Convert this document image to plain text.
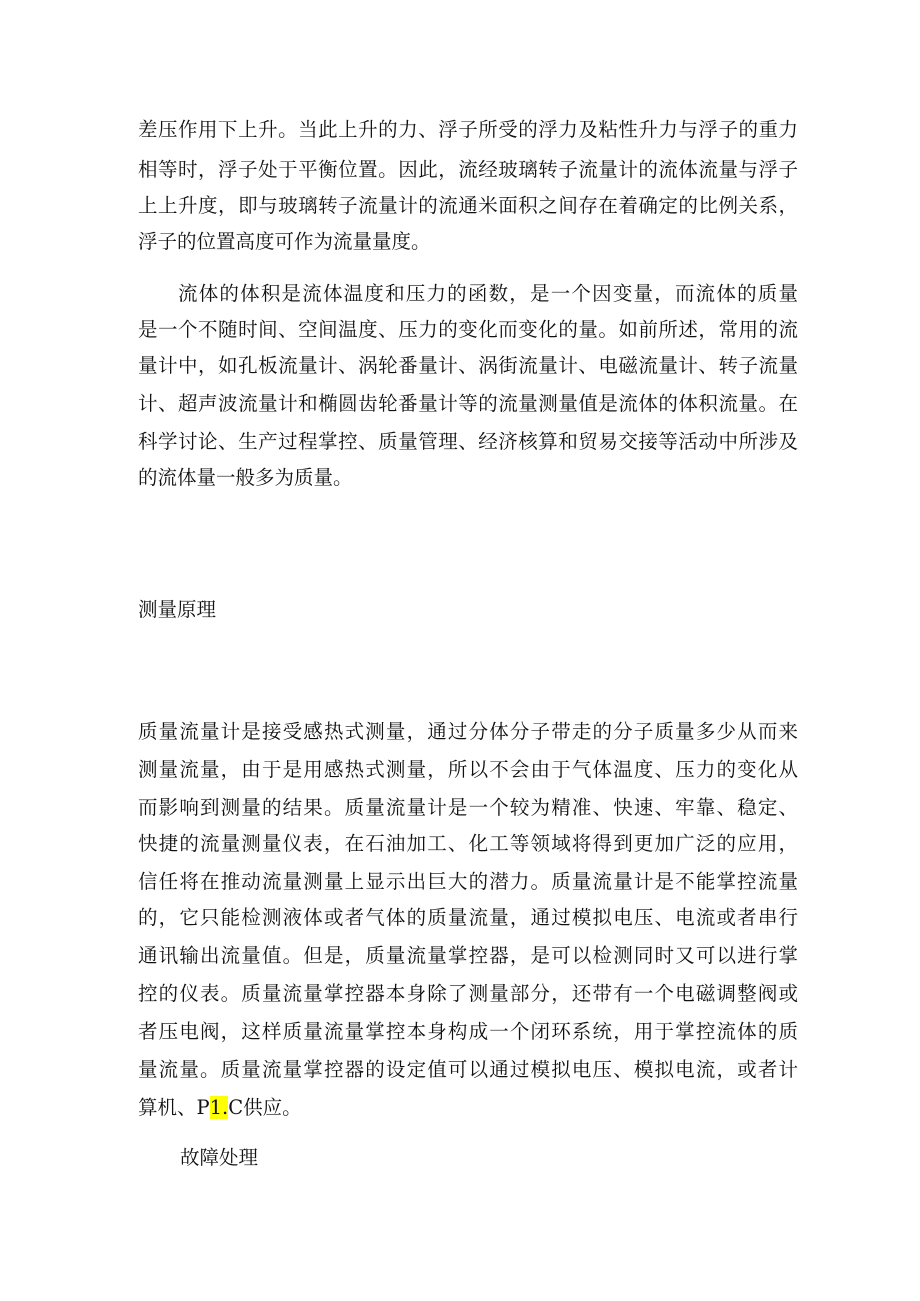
差压作用下上升。当此上升的力、浮子所受的浮力及粘性升力与浮子的重力
相等时，浮子处于平衡位置。因此，流经玻璃转子流量计的流体流量与浮子
上上升度，即与玻璃转子流量计的流通米面积之间存在着确定的比例关系，
浮子的位置高度可作为流量量度。
流体的体积是流体温度和压力的函数，是一个因变量，而流体的质量
是一个不随时间、空间温度、压力的变化而变化的量。如前所述，常用的流
量计中，如孔板流量计、涡轮番量计、涡街流量计、电磁流量计、转子流量
计、超声波流量计和椭圆齿轮番量计等的流量测量值是流体的体积流量。在
科学讨论、生产过程掌控、质量管理、经济核算和贸易交接等活动中所涉及
的流体量一般多为质量。
测量原理
质量流量计是接受感热式测量，通过分体分子带走的分子质量多少从而来
测量流量，由于是用感热式测量，所以不会由于气体温度、压力的变化从
而影响到测量的结果。质量流量计是一个较为精准、快速、牢靠、稳定、
快捷的流量测量仪表，在石油加工、化工等领域将得到更加广泛的应用，
信任将在推动流量测量上显示出巨大的潜力。质量流量计是不能掌控流量
的，它只能检测液体或者气体的质量流量，通过模拟电压、电流或者串行
通讯输出流量值。但是，质量流量掌控器，是可以检测同时又可以进行掌
控的仪表。质量流量掌控器本身除了测量部分，还带有一个电磁调整阀或
者压电阀，这样质量流量掌控本身构成一个闭环系统，用于掌控流体的质
量流量。质量流量掌控器的设定值可以通过模拟电压、模拟电流，或者计
算机、P1.C供应。
故障处理
